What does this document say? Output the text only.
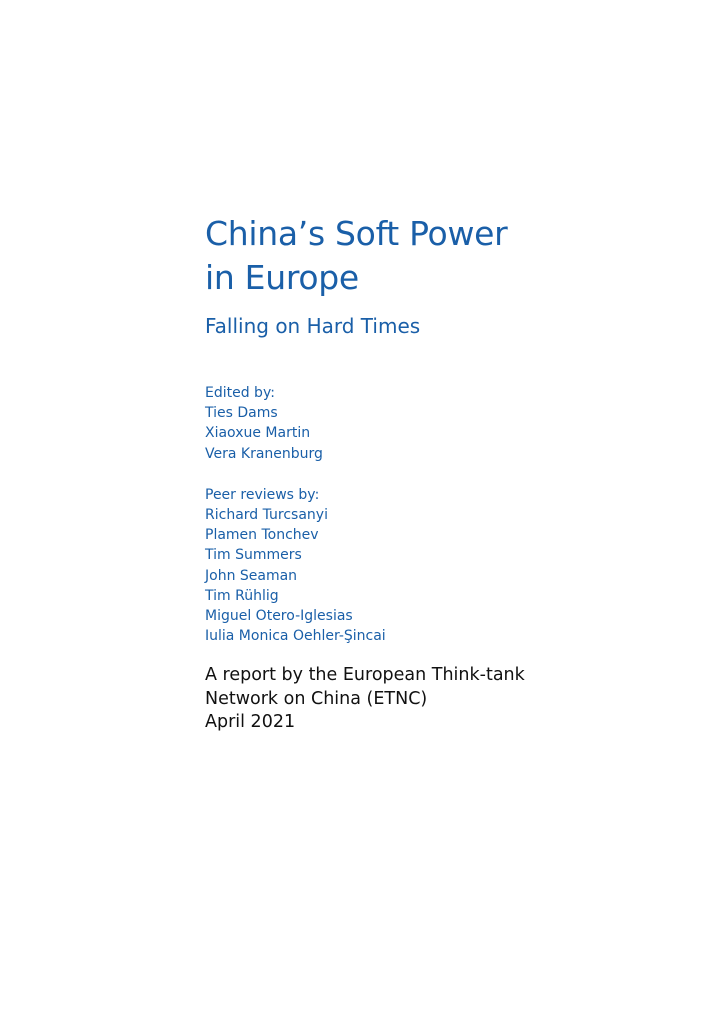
China’s Soft Power
in Europe
Falling on Hard Times
Edited by:
Ties Dams
Xiaoxue Martin
Vera Kranenburg
Peer reviews by:
Richard Turcsanyi
Plamen Tonchev
Tim Summers
John Seaman
Tim Rühlig
Miguel Otero-Iglesias
Iulia Monica Oehler-Şincai
A report by the European Think-tank
Network on China (ETNC)
April 2021
